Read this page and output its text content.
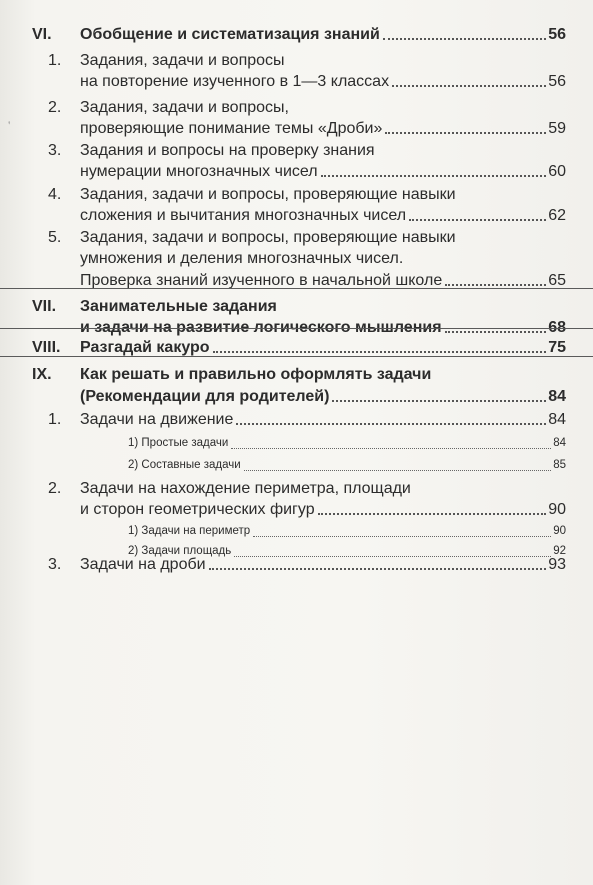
‛
VI. Обобщение и систематизация знаний	56
1. Задания, задачи и вопросы
на повторение изученного в 1—3 классах	56
2. Задания, задачи и вопросы,
проверяющие понимание темы «Дроби»	59
3. Задания и вопросы на проверку знания
нумерации многозначных чисел	60
4. Задания, задачи и вопросы, проверяющие навыки
сложения и вычитания многозначных чисел	62
5. Задания, задачи и вопросы, проверяющие навыки
умножения и деления многозначных чисел.
Проверка знаний изученного в начальной школе	65
VII. Занимательные задания
и задачи на развитие логического мышления	68
VIII. Разгадай какуро	75
IX. Как решать и правильно оформлять задачи
(Рекомендации для родителей)	84
1. Задачи на движение	84
1) Простые задачи	84
2) Составные задачи	85
2. Задачи на нахождение периметра, площади
и сторон геометрических фигур	90
1) Задачи на периметр	90
2) Задачи площадь	92
3. Задачи на дроби	93
